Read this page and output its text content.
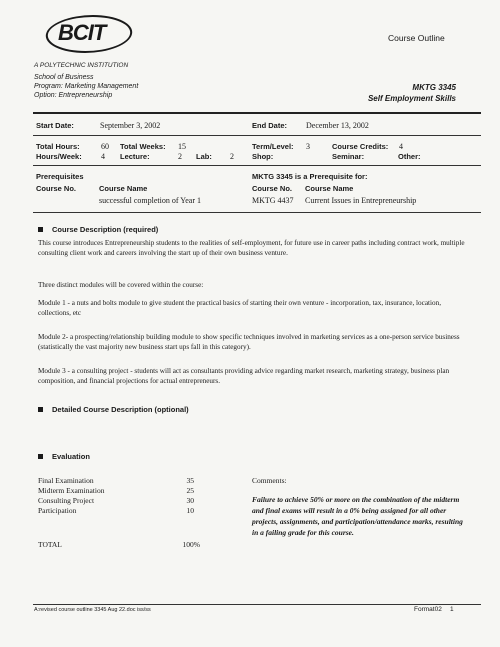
BCIT	Course Outline
A POLYTECHNIC INSTITUTION
School of Business
Program: Marketing Management
Option: Entrepreneurship
MKTG 3345
Self Employment Skills
Start Date:	September 3, 2002	End Date: December 13, 2002
Total Hours:	60 Total Weeks: 15	Term/Level: 3	Course Credits: 4
Hours/Week: 4 Lecture:	2 Lab: 2 Shop:	Seminar:	Other:
Prerequisites	MKTG 3345 is a Prerequisite for:
Course No.	Course Name	Course No. Course Name
successful completion of Year 1	MKTG 4437 Current Issues in Entrepreneurship
Course Description (required)
This course introduces Entrepreneurship students to the realities of self-employment, for future use in career paths including contract work, multiple consulting client work and careers involving the start up of their own business venture.
Three distinct modules will be covered within the course:
Module 1 - a nuts and bolts module to give student the practical basics of starting their own venture - incorporation, tax, insurance, location, collections, etc
Module 2- a prospecting/relationship building module to show specific techniques involved in marketing services as a one-person service business (statistically the vast majority new business start ups fall in this category).
Module 3 - a consulting project - students will act as consultants providing advice regarding market research, marketing strategy, business plan composition, and financial projections for actual entrepreneurs.
Detailed Course Description (optional)
Evaluation
Final Examination	35
Midterm Examination	25
Consulting Project	30
Participation	10
TOTAL	100%
Comments:
Failure to achieve 50% or more on the combination of the midterm and final exams will result in a 0% being assigned for all other projects, assignments, and participation/attendance marks, resulting in a failing grade for this course.
A:revised course outline 3345 Aug 22.doc iss/ss	Format02 1
